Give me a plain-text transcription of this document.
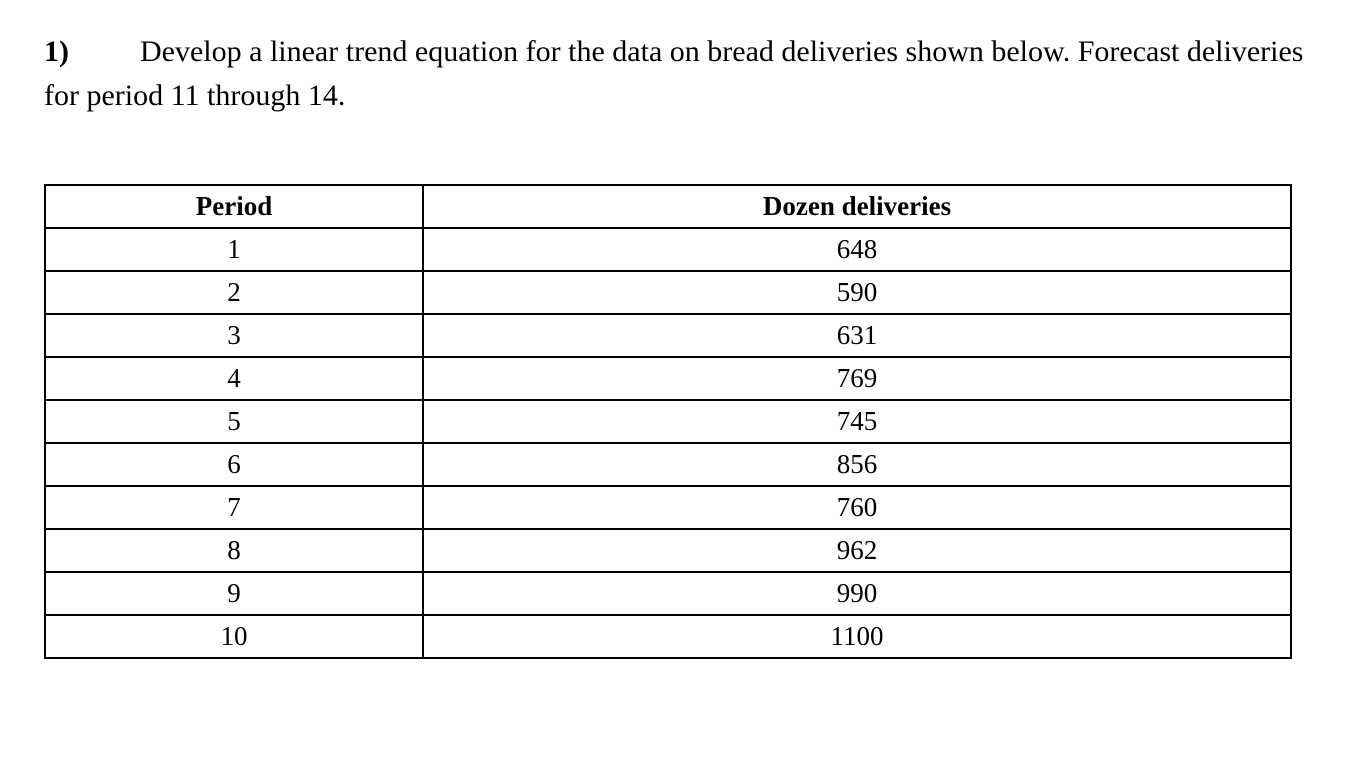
1) Develop a linear trend equation for the data on bread deliveries shown below. Forecast deliveries for period 11 through 14.
Period	Dozen deliveries
1	648
2	590
3	631
4	769
5	745
6	856
7	760
8	962
9	990
10	1100
